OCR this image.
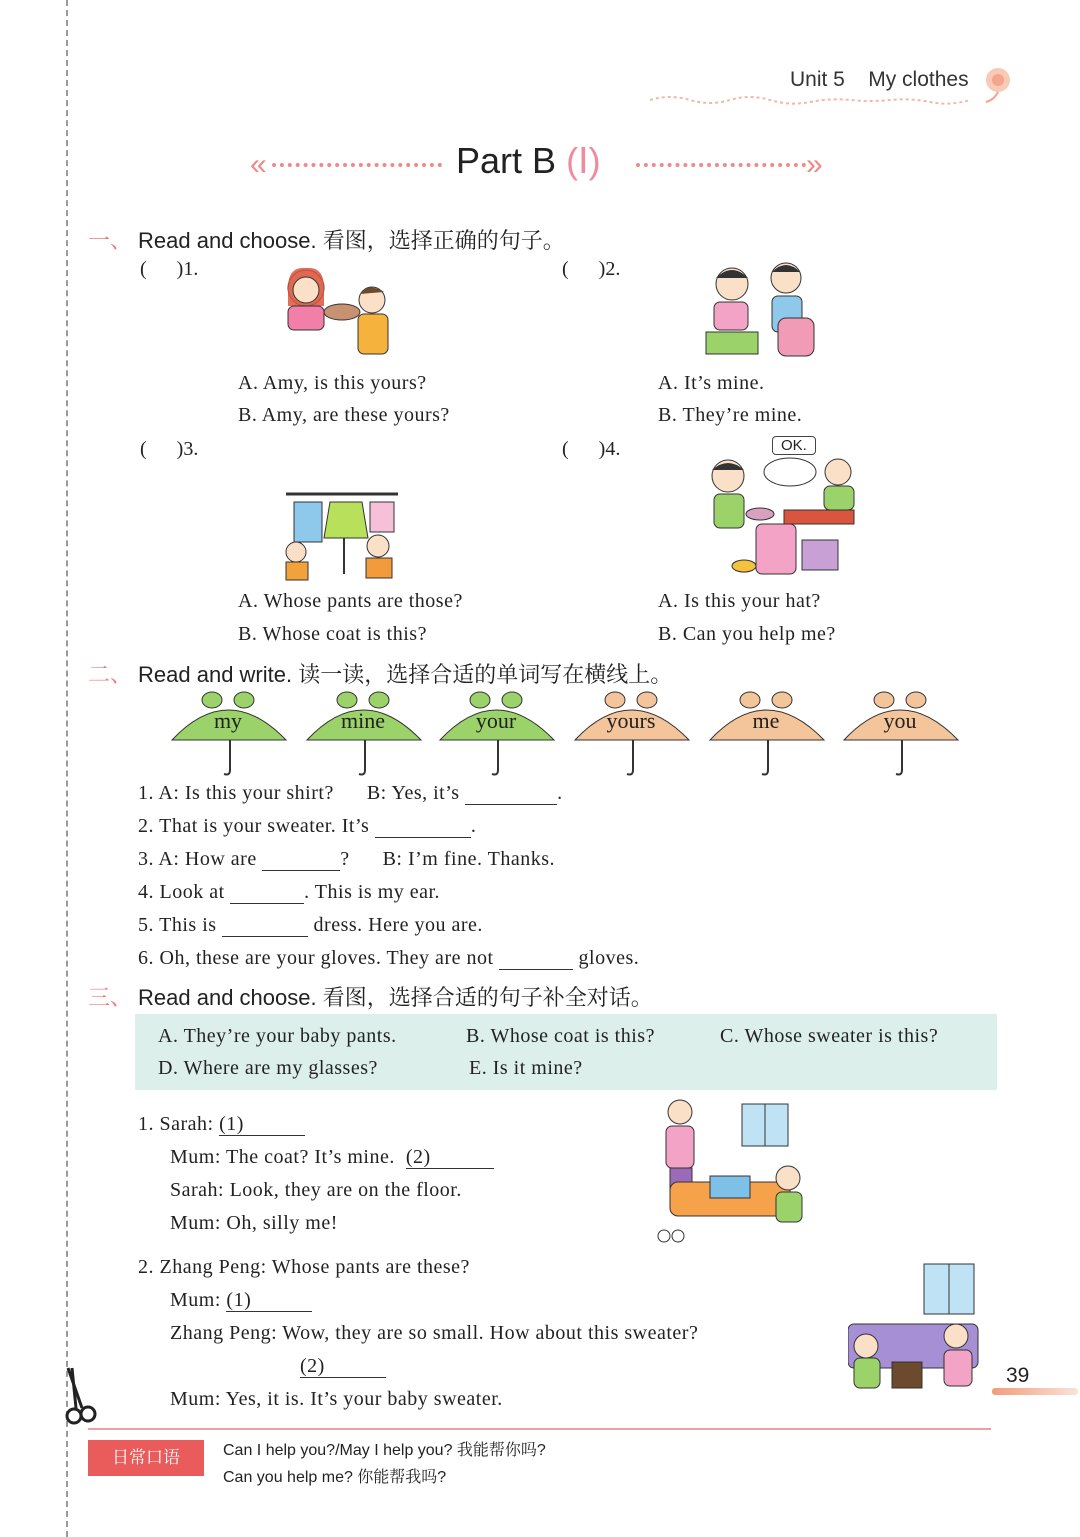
Unit 5 My clothes
«	Part B (Ⅰ)	»
一、 Read and choose. 看图，选择正确的句子。
(      )1.
A. Amy, is this yours?
B. Amy, are these yours?
(      )2.
A. It’s mine.
B. They’re mine.
(      )3.
A. Whose pants are those?
B. Whose coat is this?
(      )4.	OK.
A. Is this your hat?
B. Can you help me?
二、 Read and write. 读一读，选择合适的单词写在横线上。
my	mine	your	yours	me	you
1. A: Is this your shirt? B: Yes, it’s	.
2. That is your sweater. It’s	.
3. A: How are	? B: I’m fine. Thanks.
4. Look at	. This is my ear.
5. This is	dress. Here you are.
6. Oh, these are your gloves. They are not	gloves.
三、 Read and choose. 看图，选择合适的句子补全对话。
A. They’re your baby pants.	B. Whose coat is this?	C. Whose sweater is this?
D. Where are my glasses?	E. Is it mine?
1. Sarah: (1)
Mum: The coat? It’s mine. (2)
Sarah: Look, they are on the floor.
Mum: Oh, silly me!
2. Zhang Peng: Whose pants are these?
Mum: (1)
Zhang Peng: Wow, they are so small. How about this sweater?
(2)
Mum: Yes, it is. It’s your baby sweater.
39
日常口语	Can I help you?/May I help you? 我能帮你吗?
Can you help me? 你能帮我吗?
